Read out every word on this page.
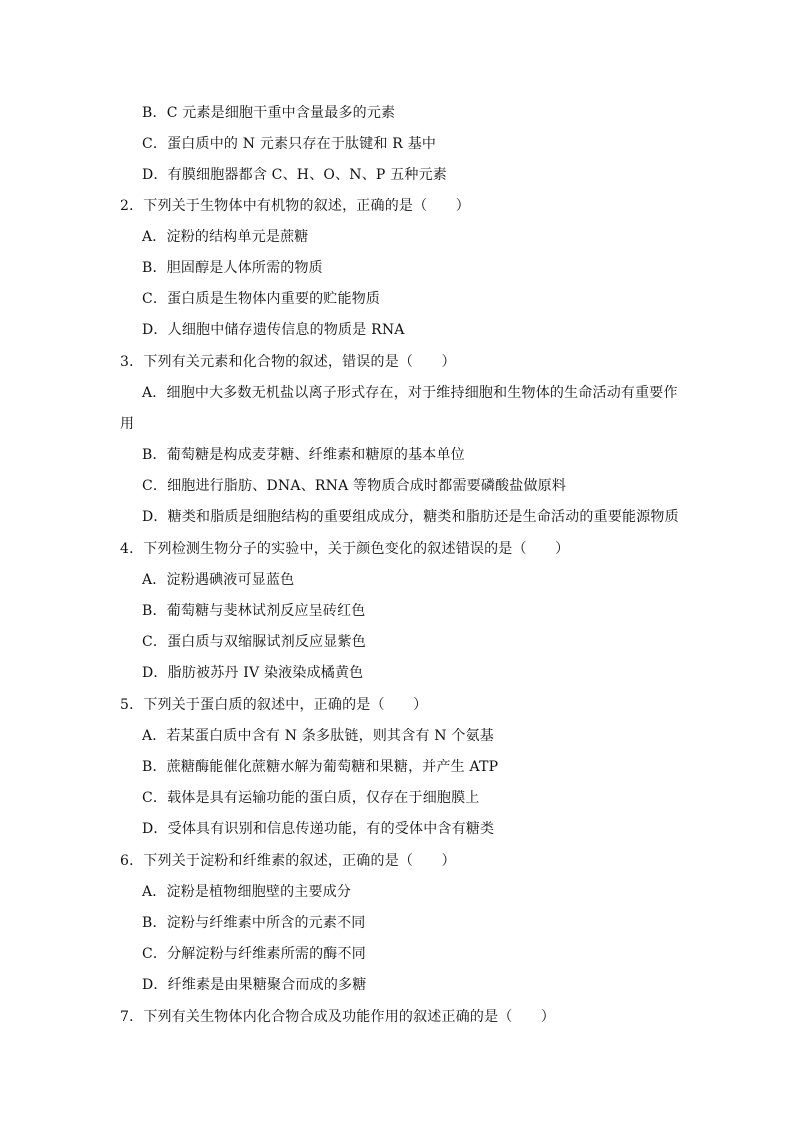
B．C 元素是细胞干重中含量最多的元素
C．蛋白质中的 N 元素只存在于肽键和 R 基中
D．有膜细胞器都含 C、H、O、N、P 五种元素
2．下列关于生物体中有机物的叙述，正确的是（　　）
A．淀粉的结构单元是蔗糖
B．胆固醇是人体所需的物质
C．蛋白质是生物体内重要的贮能物质
D．人细胞中储存遗传信息的物质是 RNA
3．下列有关元素和化合物的叙述，错误的是（　　）
A．细胞中大多数无机盐以离子形式存在，对于维持细胞和生物体的生命活动有重要作
用
B．葡萄糖是构成麦芽糖、纤维素和糖原的基本单位
C．细胞进行脂肪、DNA、RNA 等物质合成时都需要磷酸盐做原料
D．糖类和脂质是细胞结构的重要组成成分，糖类和脂肪还是生命活动的重要能源物质
4．下列检测生物分子的实验中，关于颜色变化的叙述错误的是（　　）
A．淀粉遇碘液可显蓝色
B．葡萄糖与斐林试剂反应呈砖红色
C．蛋白质与双缩脲试剂反应显紫色
D．脂肪被苏丹 IV 染液染成橘黄色
5．下列关于蛋白质的叙述中，正确的是（　　）
A．若某蛋白质中含有 N 条多肽链，则其含有 N 个氨基
B．蔗糖酶能催化蔗糖水解为葡萄糖和果糖，并产生 ATP
C．载体是具有运输功能的蛋白质，仅存在于细胞膜上
D．受体具有识别和信息传递功能，有的受体中含有糖类
6．下列关于淀粉和纤维素的叙述，正确的是（　　）
A．淀粉是植物细胞壁的主要成分
B．淀粉与纤维素中所含的元素不同
C．分解淀粉与纤维素所需的酶不同
D．纤维素是由果糖聚合而成的多糖
7．下列有关生物体内化合物合成及功能作用的叙述正确的是（　　）
